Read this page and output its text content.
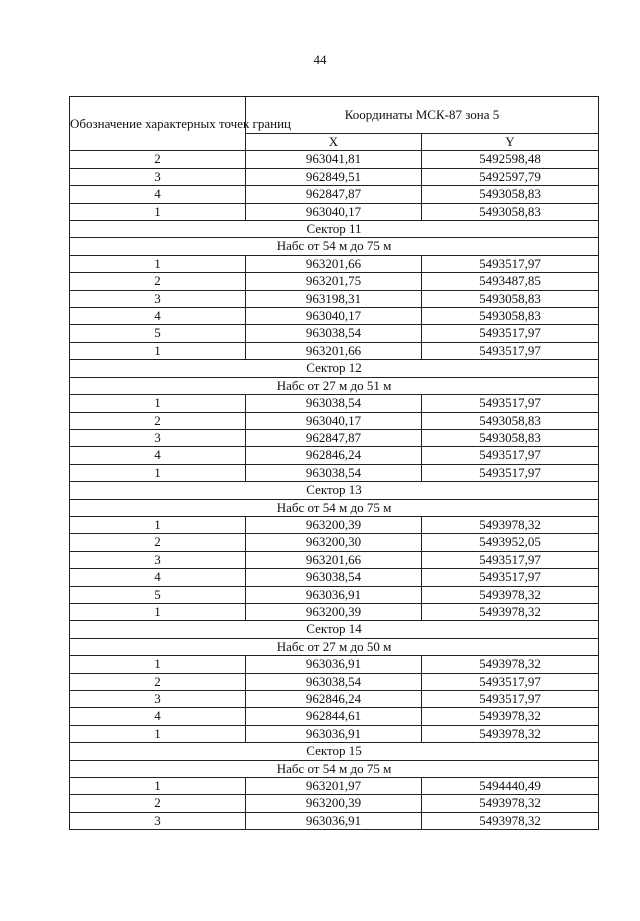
44
Обозначение характерных точек границ	Координаты МСК-87 зона 5	
	X	Y
2	963041,81	5492598,48
3	962849,51	5492597,79
4	962847,87	5493058,83
1	963040,17	5493058,83
Сектор 11		
Нaбс от 54 м до 75 м		
1	963201,66	5493517,97
2	963201,75	5493487,85
3	963198,31	5493058,83
4	963040,17	5493058,83
5	963038,54	5493517,97
1	963201,66	5493517,97
Сектор 12		
Нaбс от 27 м до 51 м		
1	963038,54	5493517,97
2	963040,17	5493058,83
3	962847,87	5493058,83
4	962846,24	5493517,97
1	963038,54	5493517,97
Сектор 13		
Нaбс от 54 м до 75 м		
1	963200,39	5493978,32
2	963200,30	5493952,05
3	963201,66	5493517,97
4	963038,54	5493517,97
5	963036,91	5493978,32
1	963200,39	5493978,32
Сектор 14		
Нaбс от 27 м до 50 м		
1	963036,91	5493978,32
2	963038,54	5493517,97
3	962846,24	5493517,97
4	962844,61	5493978,32
1	963036,91	5493978,32
Сектор 15		
Нaбс от 54 м до 75 м		
1	963201,97	5494440,49
2	963200,39	5493978,32
3	963036,91	5493978,32
